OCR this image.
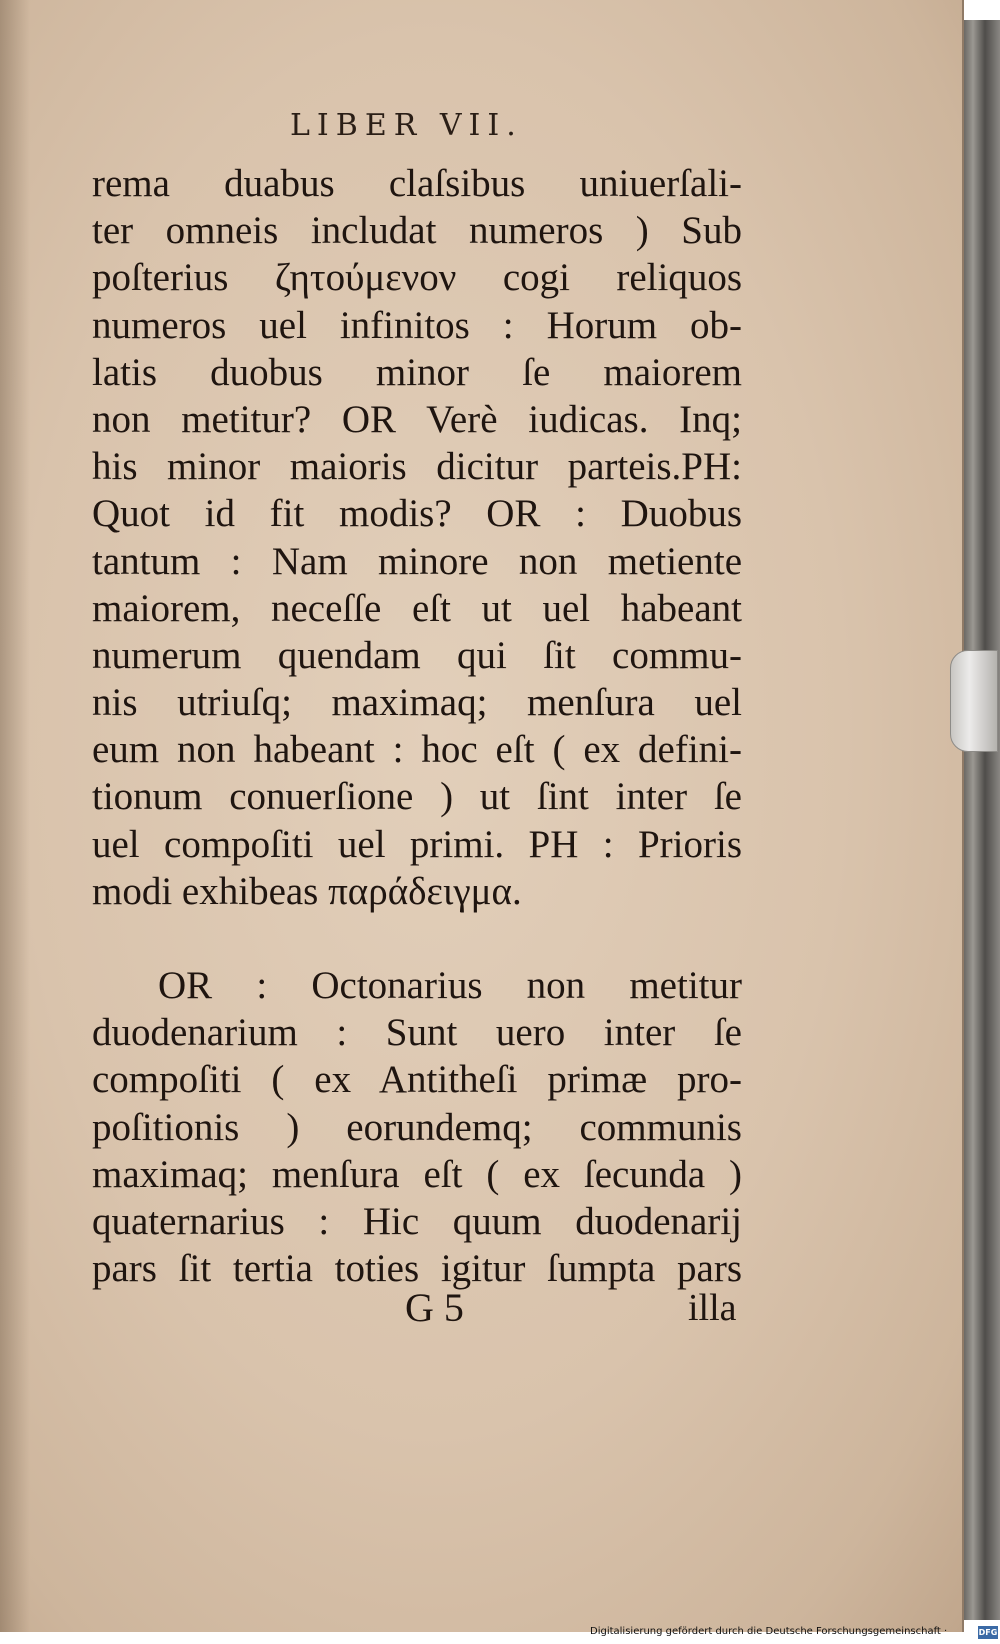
LIBER VII.
rema duabus claſsibus uniuerſali-
ter omneis includat numeros ) Sub
poſterius ζητούμενον cogi reliquos
numeros uel infinitos : Horum ob-
latis duobus minor ſe maiorem
non metitur? OR Verè iudicas. Inq;
his minor maioris dicitur parteis.PH:
Quot id fit modis? OR : Duobus
tantum : Nam minore non metiente
maiorem, neceſſe eſt ut uel habeant
numerum quendam qui ſit commu-
nis utriuſq; maximaq; menſura uel
eum non habeant : hoc eſt ( ex defini-
tionum conuerſione ) ut ſint inter ſe
uel compoſiti uel primi. PH : Prioris
modi exhibeas παράδειγμα.
OR : Octonarius non metitur
duodenarium : Sunt uero inter ſe
compoſiti ( ex Antitheſi primæ pro-
poſitionis ) eorundemq; communis
maximaq; menſura eſt ( ex ſecunda )
quaternarius : Hic quum duodenarij
pars ſit tertia toties igitur ſumpta pars
G 5	illa
Digitalisierung gefördert durch die Deutsche Forschungsgemeinschaft ·	DFG
